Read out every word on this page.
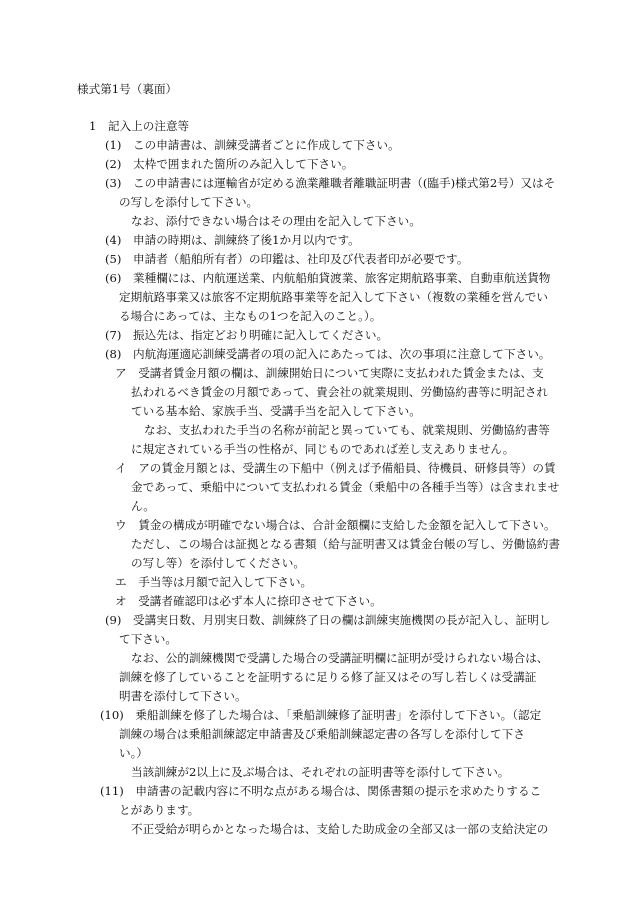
様式第1号（裏面）
1　記入上の注意等
(1)　この申請書は、訓練受講者ごとに作成して下さい。
(2)　太枠で囲まれた箇所のみ記入して下さい。
(3)　この申請書には運輸省が定める漁業離職者離職証明書（(臨手)様式第2号）又はそ
の写しを添付して下さい。
なお、添付できない場合はその理由を記入して下さい。
(4)　申請の時期は、訓練終了後1か月以内です。
(5)　申請者（船舶所有者）の印鑑は、社印及び代表者印が必要です。
(6)　業種欄には、内航運送業、内航船舶貸渡業、旅客定期航路事業、自動車航送貨物
定期航路事業又は旅客不定期航路事業等を記入して下さい（複数の業種を営んでい
る場合にあっては、主なもの1つを記入のこと。）。
(7)　振込先は、指定どおり明確に記入してください。
(8)　内航海運適応訓練受講者の項の記入にあたっては、次の事項に注意して下さい。
ア　受講者賃金月額の欄は、訓練開始日について実際に支払われた賃金または、支
払われるべき賃金の月額であって、貴会社の就業規則、労働協約書等に明記され
ている基本給、家族手当、受講手当を記入して下さい。
なお、支払われた手当の名称が前記と異っていても、就業規則、労働協約書等
に規定されている手当の性格が、同じものであれば差し支えありません。
イ　アの賃金月額とは、受講生の下船中（例えば予備船員、待機員、研修員等）の賃
金であって、乗船中について支払われる賃金（乗船中の各種手当等）は含まれませ
ん。
ウ　賃金の構成が明確でない場合は、合計金額欄に支給した金額を記入して下さい。
ただし、この場合は証拠となる書類（給与証明書又は賃金台帳の写し、労働協約書
の写し等）を添付してください。
エ　手当等は月額で記入して下さい。
オ　受講者確認印は必ず本人に捺印させて下さい。
(9)　受講実日数、月別実日数、訓練終了日の欄は訓練実施機関の長が記入し、証明し
て下さい。
なお、公的訓練機関で受講した場合の受講証明欄に証明が受けられない場合は、
訓練を修了していることを証明するに足りる修了証又はその写し若しくは受講証
明書を添付して下さい。
(10)　乗船訓練を修了した場合は、「乗船訓練修了証明書」を添付して下さい。（認定
訓練の場合は乗船訓練認定申請書及び乗船訓練認定書の各写しを添付して下さ
い。）
当該訓練が2以上に及ぶ場合は、それぞれの証明書等を添付して下さい。
(11)　申請書の記載内容に不明な点がある場合は、関係書類の提示を求めたりするこ
とがあります。
不正受給が明らかとなった場合は、支給した助成金の全部又は一部の支給決定の
